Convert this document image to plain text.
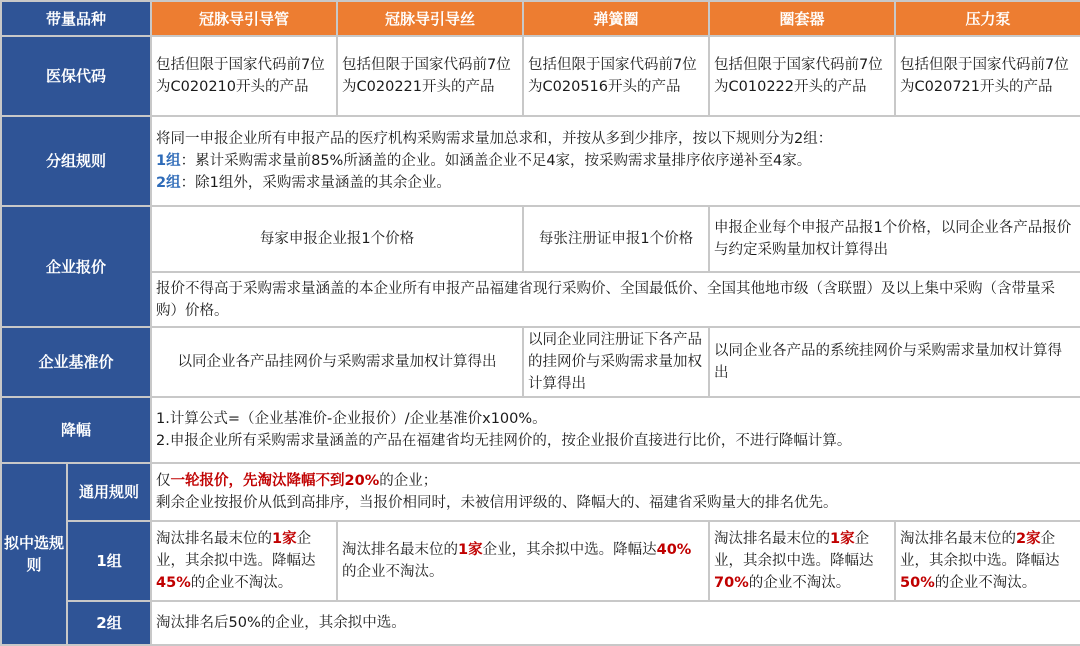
带量品种		冠脉导引导管	冠脉导引导丝	弹簧圈	圈套器	压力泵
医保代码		包括但限于国家代码前7位为C020210开头的产品	包括但限于国家代码前7位为C020221开头的产品	包括但限于国家代码前7位为C020516开头的产品	包括但限于国家代码前7位为C010222开头的产品	包括但限于国家代码前7位为C020721开头的产品
分组规则		将同一申报企业所有申报产品的医疗机构采购需求量加总求和，并按从多到少排序，按以下规则分为2组：
1组：累计采购需求量前85%所涵盖的企业。如涵盖企业不足4家，按采购需求量排序依序递补至4家。
2组：除1组外，采购需求量涵盖的其余企业。				

企业报价		每家申报企业报1个价格		每张注册证申报1个价格	申报企业每个申报产品报1个价格，以同企业各产品报价与约定采购量加权计算得出	
		报价不得高于采购需求量涵盖的本企业所有申报产品福建省现行采购价、全国最低价、全国其他地市级（含联盟）及以上集中采购（含带量采购）价格。				
企业基准价		以同企业各产品挂网价与采购需求量加权计算得出		以同企业同注册证下各产品的挂网价与采购需求量加权计算得出	以同企业各产品的系统挂网价与采购需求量加权计算得出	
降幅		1.计算公式=（企业基准价-企业报价）/企业基准价x100%。
2.申报企业所有采购需求量涵盖的产品在福建省均无挂网价的，按企业报价直接进行比价，不进行降幅计算。				

拟中选规则	通用规则	仅一轮报价，先淘汰降幅不到20%的企业；
剩余企业按报价从低到高排序，当报价相同时，未被信用评级的、降幅大的、福建省采购量大的排名优先。				

	1组	淘汰排名最末位的1家企业，其余拟中选。降幅达45%的企业不淘汰。	淘汰排名最末位的1家企业，其余拟中选。降幅达40%的企业不淘汰。		淘汰排名最末位的1家企业，其余拟中选。降幅达70%的企业不淘汰。	淘汰排名最末位的2家企业，其余拟中选。降幅达50%的企业不淘汰。
	2组	淘汰排名后50%的企业，其余拟中选。				
